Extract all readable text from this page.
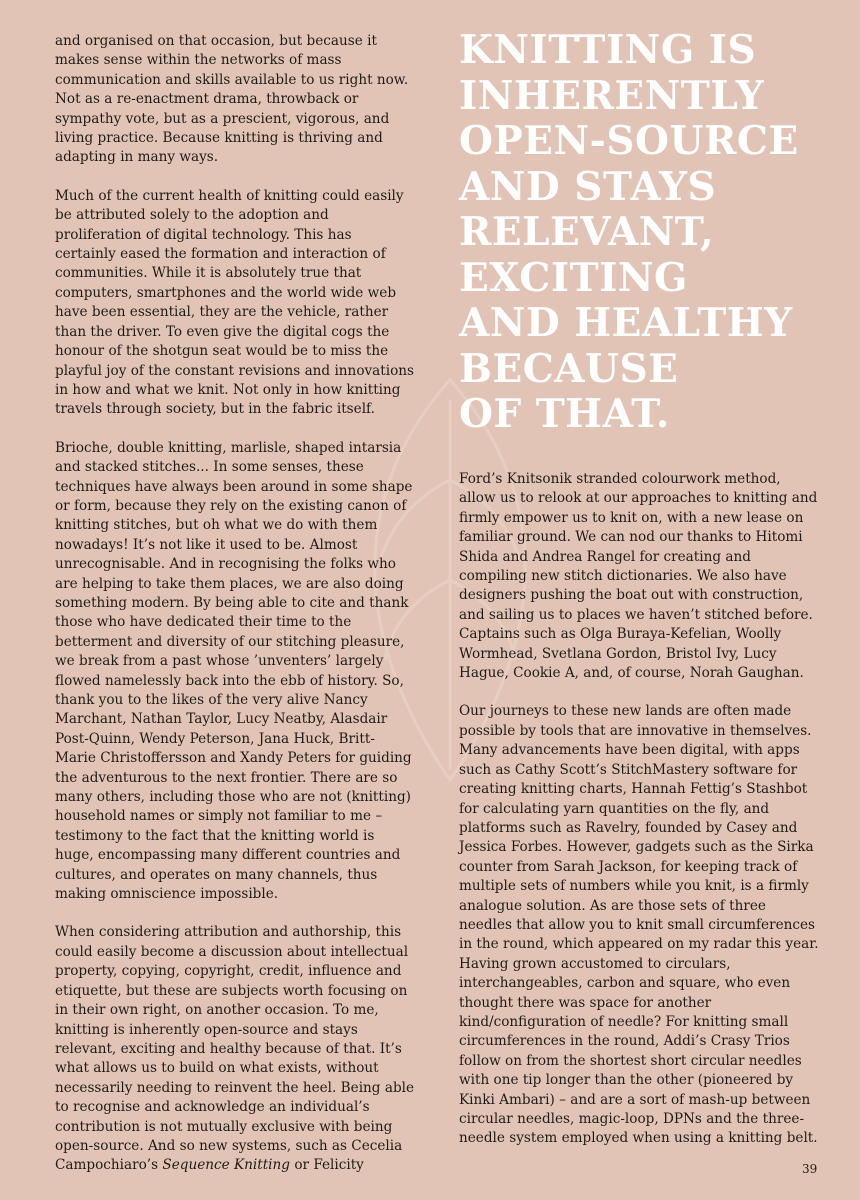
and organised on that occasion, but because it makes sense within the networks of mass communication and skills available to us right now. Not as a re-enactment drama, throwback or sympathy vote, but as a prescient, vigorous, and living practice. Because knitting is thriving and adapting in many ways.

Much of the current health of knitting could easily be attributed solely to the adoption and proliferation of digital technology. This has certainly eased the formation and interaction of communities. While it is absolutely true that computers, smartphones and the world wide web have been essential, they are the vehicle, rather than the driver. To even give the digital cogs the honour of the shotgun seat would be to miss the playful joy of the constant revisions and innovations in how and what we knit. Not only in how knitting travels through society, but in the fabric itself.

Brioche, double knitting, marlisle, shaped intarsia and stacked stitches... In some senses, these techniques have always been around in some shape or form, because they rely on the existing canon of knitting stitches, but oh what we do with them nowadays! It’s not like it used to be. Almost unrecognisable. And in recognising the folks who are helping to take them places, we are also doing something modern. By being able to cite and thank those who have dedicated their time to the betterment and diversity of our stitching pleasure, we break from a past whose ’unventers’ largely flowed namelessly back into the ebb of history. So, thank you to the likes of the very alive Nancy Marchant, Nathan Taylor, Lucy Neatby, Alasdair Post-Quinn, Wendy Peterson, Jana Huck, Britt-Marie Christoffersson and Xandy Peters for guiding the adventurous to the next frontier. There are so many others, including those who are not (knitting) household names or simply not familiar to me – testimony to the fact that the knitting world is huge, encompassing many different countries and cultures, and operates on many channels, thus making omniscience impossible.

When considering attribution and authorship, this could easily become a discussion about intellectual property, copying, copyright, credit, influence and etiquette, but these are subjects worth focusing on in their own right, on another occasion. To me, knitting is inherently open-source and stays relevant, exciting and healthy because of that. It’s what allows us to build on what exists, without necessarily needing to reinvent the heel. Being able to recognise and acknowledge an individual’s contribution is not mutually exclusive with being open-source. And so new systems, such as Cecelia Campochiaro’s Sequence Knitting or Felicity

KNITTING IS
INHERENTLY
OPEN-SOURCE
AND STAYS
RELEVANT,
EXCITING
AND HEALTHY
BECAUSE
OF THAT.

Ford’s Knitsonik stranded colourwork method, allow us to relook at our approaches to knitting and firmly empower us to knit on, with a new lease on familiar ground. We can nod our thanks to Hitomi Shida and Andrea Rangel for creating and compiling new stitch dictionaries. We also have designers pushing the boat out with construction, and sailing us to places we haven’t stitched before. Captains such as Olga Buraya-Kefelian, Woolly Wormhead, Svetlana Gordon, Bristol Ivy, Lucy Hague, Cookie A, and, of course, Norah Gaughan.

Our journeys to these new lands are often made possible by tools that are innovative in themselves. Many advancements have been digital, with apps such as Cathy Scott’s StitchMastery software for creating knitting charts, Hannah Fettig’s Stashbot for calculating yarn quantities on the fly, and platforms such as Ravelry, founded by Casey and Jessica Forbes. However, gadgets such as the Sirka counter from Sarah Jackson, for keeping track of multiple sets of numbers while you knit, is a firmly analogue solution. As are those sets of three needles that allow you to knit small circumferences in the round, which appeared on my radar this year. Having grown accustomed to circulars, interchangeables, carbon and square, who even thought there was space for another kind/configuration of needle? For knitting small circumferences in the round, Addi’s Crasy Trios follow on from the shortest short circular needles with one tip longer than the other (pioneered by Kinki Ambari) – and are a sort of mash-up between circular needles, magic-loop, DPNs and the three-needle system employed when using a knitting belt.

39
